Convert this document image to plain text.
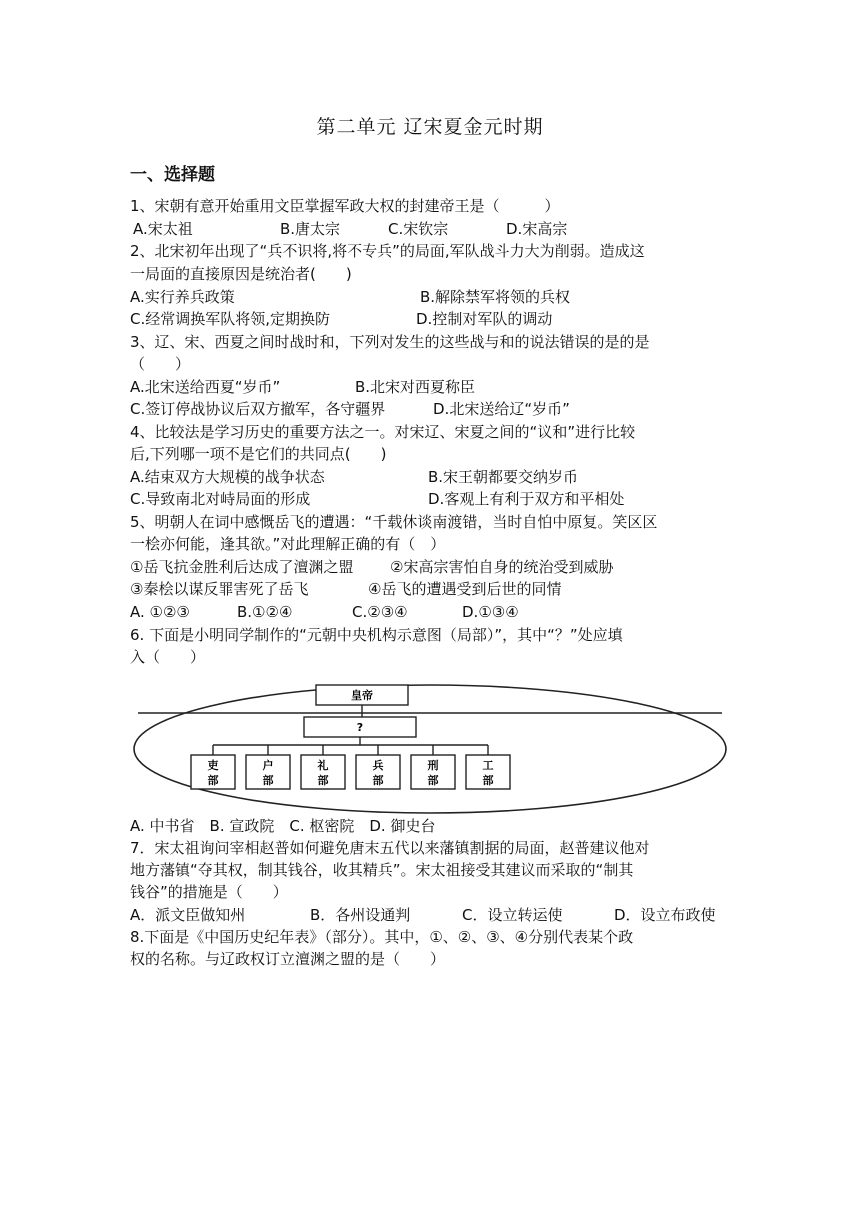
第二单元 辽宋夏金元时期
一、选择题
1、宋朝有意开始重用文臣掌握军政大权的封建帝王是（　　　）
A.宋太祖	B.唐太宗	C.宋钦宗	D.宋高宗
2、北宋初年出现了“兵不识将,将不专兵”的局面,军队战斗力大为削弱。造成这
一局面的直接原因是统治者(　　)
A.实行养兵政策	B.解除禁军将领的兵权
C.经常调换军队将领,定期换防	D.控制对军队的调动
3、辽、宋、西夏之间时战时和，下列对发生的这些战与和的说法错误的是的是
（　　）
A.北宋送给西夏“岁币”	B.北宋对西夏称臣
C.签订停战协议后双方撤军，各守疆界	D.北宋送给辽“岁币”
4、比较法是学习历史的重要方法之一。对宋辽、宋夏之间的“议和”进行比较
后,下列哪一项不是它们的共同点(　　)
A.结束双方大规模的战争状态	B.宋王朝都要交纳岁币
C.导致南北对峙局面的形成	D.客观上有利于双方和平相处
5、明朝人在词中感慨岳飞的遭遇：“千载休谈南渡错，当时自怕中原复。笑区区
一桧亦何能，逢其欲。”对此理解正确的有（　）
①岳飞抗金胜利后达成了澶渊之盟 ②宋高宗害怕自身的统治受到威胁
③秦桧以谋反罪害死了岳飞	④岳飞的遭遇受到后世的同情
A. ①②③	B.①②④	C.②③④	D.①③④
6. 下面是小明同学制作的“元朝中央机构示意图（局部）”，其中“？”处应填
入（　　）
皇帝
?
吏
部
户
部
礼
部
兵
部
刑
部
工
部
A. 中书省　B. 宣政院　C. 枢密院　D. 御史台
7．宋太祖询问宰相赵普如何避免唐末五代以来藩镇割据的局面，赵普建议他对
地方藩镇“夺其权，制其钱谷，收其精兵”。宋太祖接受其建议而采取的“制其
钱谷”的措施是（　　）
A．派文臣做知州	B．各州设通判	C．设立转运使	D．设立布政使
8.下面是《中国历史纪年表》（部分）。其中，①、②、③、④分别代表某个政
权的名称。与辽政权订立澶渊之盟的是（　　）
